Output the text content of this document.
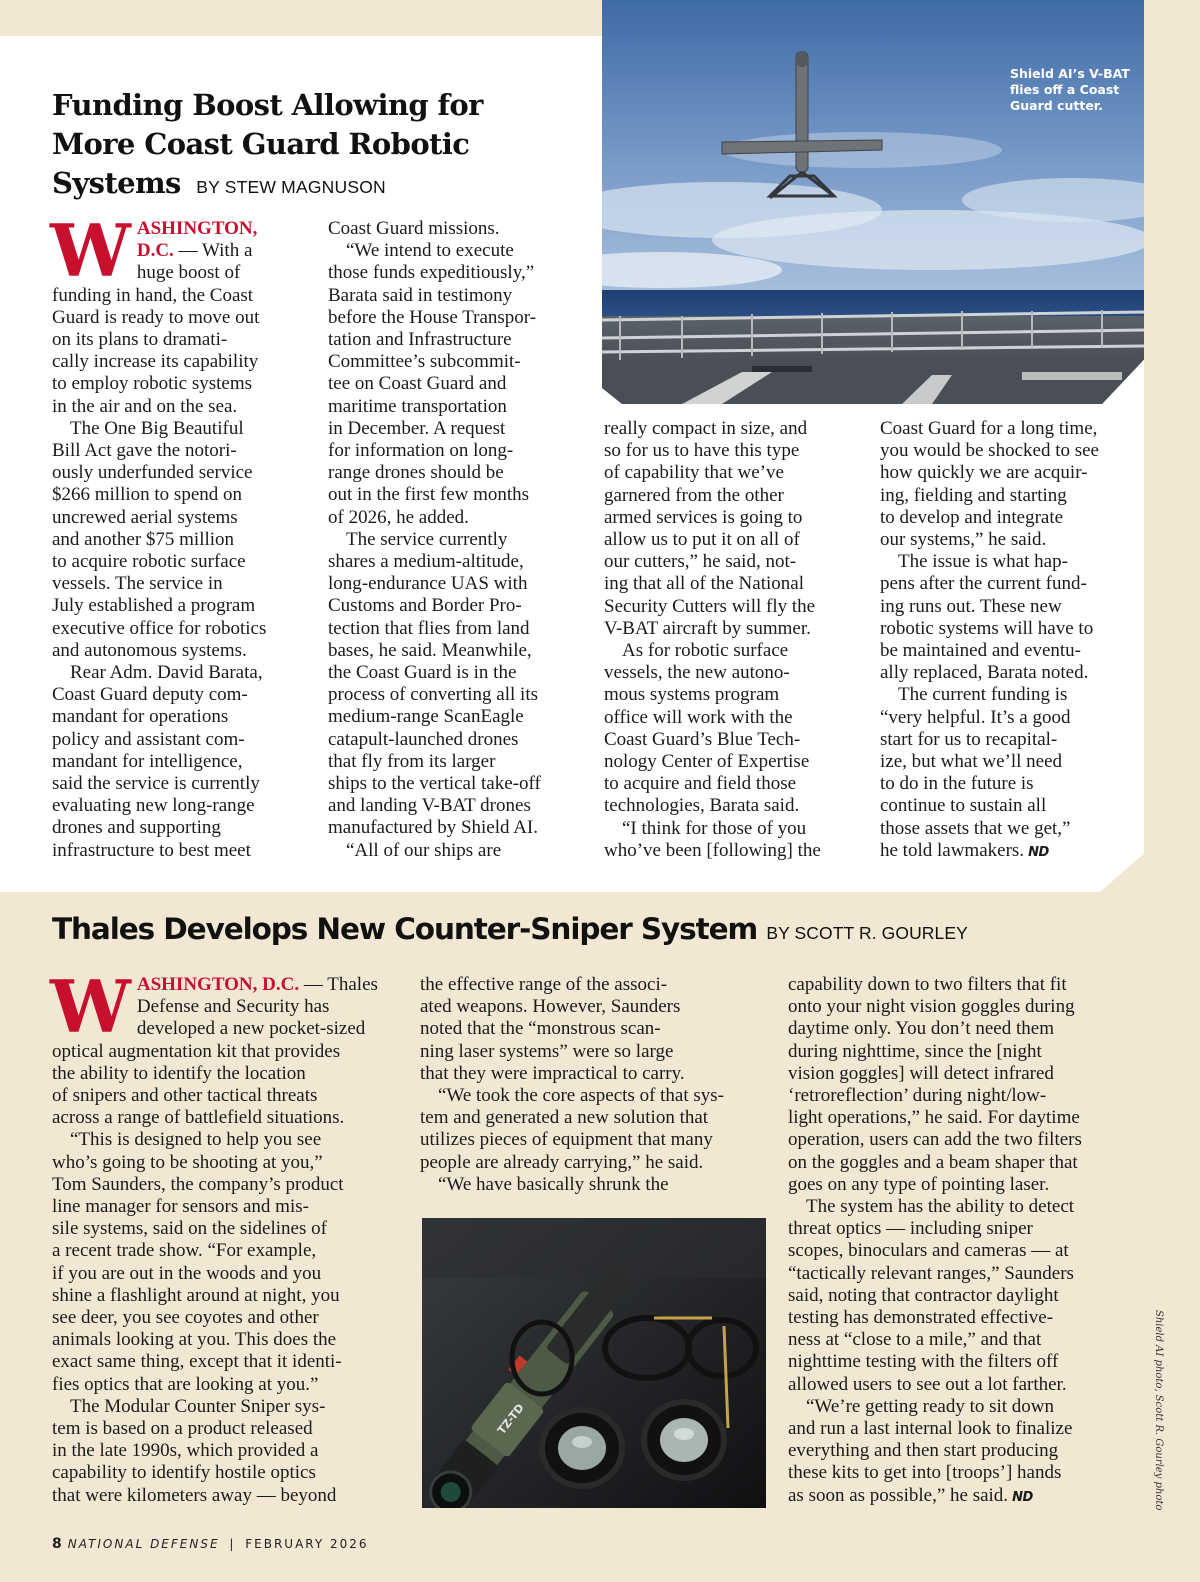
Shield AI’s V-BAT flies off a Coast Guard cutter.
Funding Boost Allowing for More Coast Guard Robotic Systems BY STEW MAGNUSON
W ASHINGTON,
D.C. — With a
huge boost of
funding in hand, the Coast
Guard is ready to move out
on its plans to dramati-
cally increase its capability
to employ robotic systems
in the air and on the sea.
The One Big Beautiful
Bill Act gave the notori-
ously underfunded service
$266 million to spend on
uncrewed aerial systems
and another $75 million
to acquire robotic surface
vessels. The service in
July established a program
executive office for robotics
and autonomous systems.
Rear Adm. David Barata,
Coast Guard deputy com-
mandant for operations
policy and assistant com-
mandant for intelligence,
said the service is currently
evaluating new long-range
drones and supporting
infrastructure to best meet
Coast Guard missions.
“We intend to execute
those funds expeditiously,”
Barata said in testimony
before the House Transpor-
tation and Infrastructure
Committee’s subcommit-
tee on Coast Guard and
maritime transportation
in December. A request
for information on long-
range drones should be
out in the first few months
of 2026, he added.
The service currently
shares a medium-altitude,
long-endurance UAS with
Customs and Border Pro-
tection that flies from land
bases, he said. Meanwhile,
the Coast Guard is in the
process of converting all its
medium-range ScanEagle
catapult-launched drones
that fly from its larger
ships to the vertical take-off
and landing V-BAT drones
manufactured by Shield AI.
“All of our ships are
really compact in size, and
so for us to have this type
of capability that we’ve
garnered from the other
armed services is going to
allow us to put it on all of
our cutters,” he said, not-
ing that all of the National
Security Cutters will fly the
V-BAT aircraft by summer.
As for robotic surface
vessels, the new autono-
mous systems program
office will work with the
Coast Guard’s Blue Tech-
nology Center of Expertise
to acquire and field those
technologies, Barata said.
“I think for those of you
who’ve been [following] the
Coast Guard for a long time,
you would be shocked to see
how quickly we are acquir-
ing, fielding and starting
to develop and integrate
our systems,” he said.
The issue is what hap-
pens after the current fund-
ing runs out. These new
robotic systems will have to
be maintained and eventu-
ally replaced, Barata noted.
The current funding is
“very helpful. It’s a good
start for us to recapital-
ize, but what we’ll need
to do in the future is
continue to sustain all
those assets that we get,”
he told lawmakers. ND
Thales Develops New Counter-Sniper System BY SCOTT R. GOURLEY
W ASHINGTON, D.C. — Thales
Defense and Security has
developed a new pocket-sized
optical augmentation kit that provides
the ability to identify the location
of snipers and other tactical threats
across a range of battlefield situations.
“This is designed to help you see
who’s going to be shooting at you,”
Tom Saunders, the company’s product
line manager for sensors and mis-
sile systems, said on the sidelines of
a recent trade show. “For example,
if you are out in the woods and you
shine a flashlight around at night, you
see deer, you see coyotes and other
animals looking at you. This does the
exact same thing, except that it identi-
fies optics that are looking at you.”
The Modular Counter Sniper sys-
tem is based on a product released
in the late 1990s, which provided a
capability to identify hostile optics
that were kilometers away — beyond
the effective range of the associ-
ated weapons. However, Saunders
noted that the “monstrous scan-
ning laser systems” were so large
that they were impractical to carry.
“We took the core aspects of that sys-
tem and generated a new solution that
utilizes pieces of equipment that many
people are already carrying,” he said.
“We have basically shrunk the
capability down to two filters that fit
onto your night vision goggles during
daytime only. You don’t need them
during nighttime, since the [night
vision goggles] will detect infrared
‘retroreflection’ during night/low-
light operations,” he said. For daytime
operation, users can add the two filters
on the goggles and a beam shaper that
goes on any type of pointing laser.
The system has the ability to detect
threat optics — including sniper
scopes, binoculars and cameras — at
“tactically relevant ranges,” Saunders
said, noting that contractor daylight
testing has demonstrated effective-
ness at “close to a mile,” and that
nighttime testing with the filters off
allowed users to see out a lot farther.
“We’re getting ready to sit down
and run a last internal look to finalize
everything and then start producing
these kits to get into [troops’] hands
as soon as possible,” he said. ND
TZ-TD	Shield AI photo, Scott R. Gourley photo
8 NATIONAL DEFENSE | FEBRUARY 2026
